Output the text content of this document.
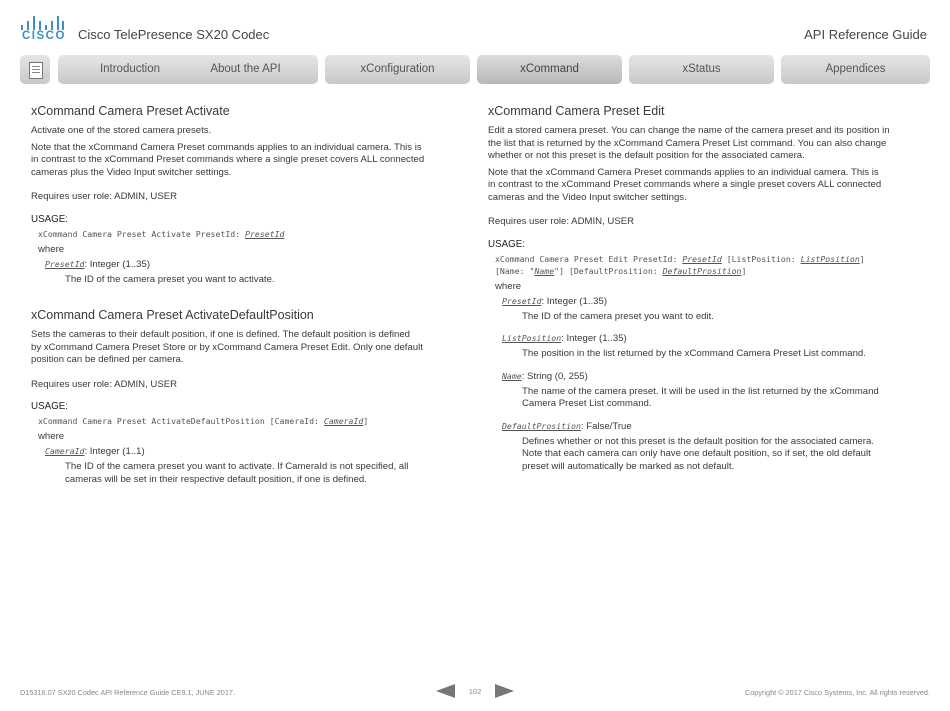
CISCO Cisco TelePresence SX20 Codec	API Reference Guide
Introduction	About the API	xConfiguration	xCommand	xStatus	Appendices
xCommand Camera Preset Activate

Activate one of the stored camera presets.

Note that the xCommand Camera Preset commands applies to an individual camera. This is
in contrast to the xCommand Preset commands where a single preset covers ALL connected
cameras plus the Video Input switcher settings.

Requires user role: ADMIN, USER

USAGE:
xCommand Camera Preset Activate PresetId: PresetId
where
PresetId: Integer (1..35)

The ID of the camera preset you want to activate.

xCommand Camera Preset ActivateDefaultPosition

Sets the cameras to their default position, if one is defined. The default position is defined
by xCommand Camera Preset Store or by xCommand Camera Preset Edit. Only one default
position can be defined per camera.

Requires user role: ADMIN, USER

USAGE:
xCommand Camera Preset ActivateDefaultPosition [CameraId: CameraId]
where
CameraId: Integer (1..1)

The ID of the camera preset you want to activate. If CameraId is not specified, all
cameras will be set in their respective default position, if one is defined.

xCommand Camera Preset Edit

Edit a stored camera preset. You can change the name of the camera preset and its position in
the list that is returned by the xCommand Camera Preset List command. You can also change
whether or not this preset is the default position for the associated camera.

Note that the xCommand Camera Preset commands applies to an individual camera. This is
in contrast to the xCommand Preset commands where a single preset covers ALL connected
cameras and the Video Input switcher settings.

Requires user role: ADMIN, USER

USAGE:
xCommand Camera Preset Edit PresetId: PresetId [ListPosition: ListPosition]
[Name: "Name"] [DefaultProsition: DefaultProsition]
where
PresetId: Integer (1..35)

The ID of the camera preset you want to edit.

ListPosition: Integer (1..35)

The position in the list returned by the xCommand Camera Preset List command.

Name: String (0, 255)

The name of the camera preset. It will be used in the list returned by the xCommand
Camera Preset List command.

DefaultProsition: False/True

Defines whether or not this preset is the default position for the associated camera.
Note that each camera can only have one default position, so if set, the old default
preset will automatically be marked as not default.

D15316.07 SX20 Codec API Reference Guide CE9.1, JUNE 2017.	102	Copyright © 2017 Cisco Systems, Inc. All rights reserved.
